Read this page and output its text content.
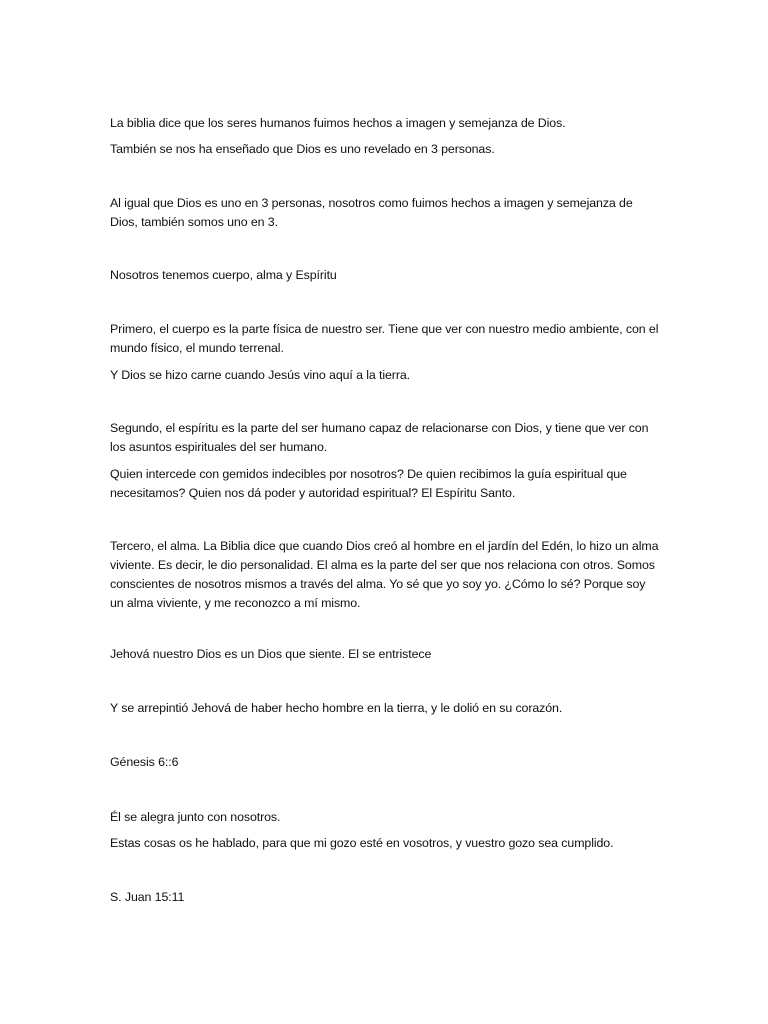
La biblia dice que los seres humanos fuimos hechos a imagen y semejanza de Dios.
También se nos ha enseñado que Dios es uno revelado en 3 personas.
Al igual que Dios es uno en 3 personas, nosotros como fuimos hechos a imagen y semejanza de Dios, también somos uno en 3.
Nosotros tenemos cuerpo, alma y Espíritu
Primero, el cuerpo es la parte física de nuestro ser. Tiene que ver con nuestro medio ambiente, con el mundo físico, el mundo terrenal.
Y Dios se hizo carne cuando Jesús vino aquí a la tierra.
Segundo, el espíritu es la parte del ser humano capaz de relacionarse con Dios, y tiene que ver con los asuntos espirituales del ser humano.
Quien intercede con gemidos indecibles por nosotros? De quien recibimos la guía espiritual que necesitamos? Quien nos dá poder y autoridad espiritual? El Espíritu Santo.
Tercero, el alma. La Biblia dice que cuando Dios creó al hombre en el jardín del Edén, lo hizo un alma viviente. Es decir, le dio personalidad. El alma es la parte del ser que nos relaciona con otros. Somos conscientes de nosotros mismos a través del alma. Yo sé que yo soy yo. ¿Cómo lo sé? Porque soy un alma viviente, y me reconozco a mí mismo.
Jehová nuestro Dios es un Dios que siente. El se entristece
Y se arrepintió Jehová de haber hecho hombre en la tierra, y le dolió en su corazón.
Génesis 6::6
Él se alegra junto con nosotros.
Estas cosas os he hablado, para que mi gozo esté en vosotros, y vuestro gozo sea cumplido.
S. Juan 15:11
